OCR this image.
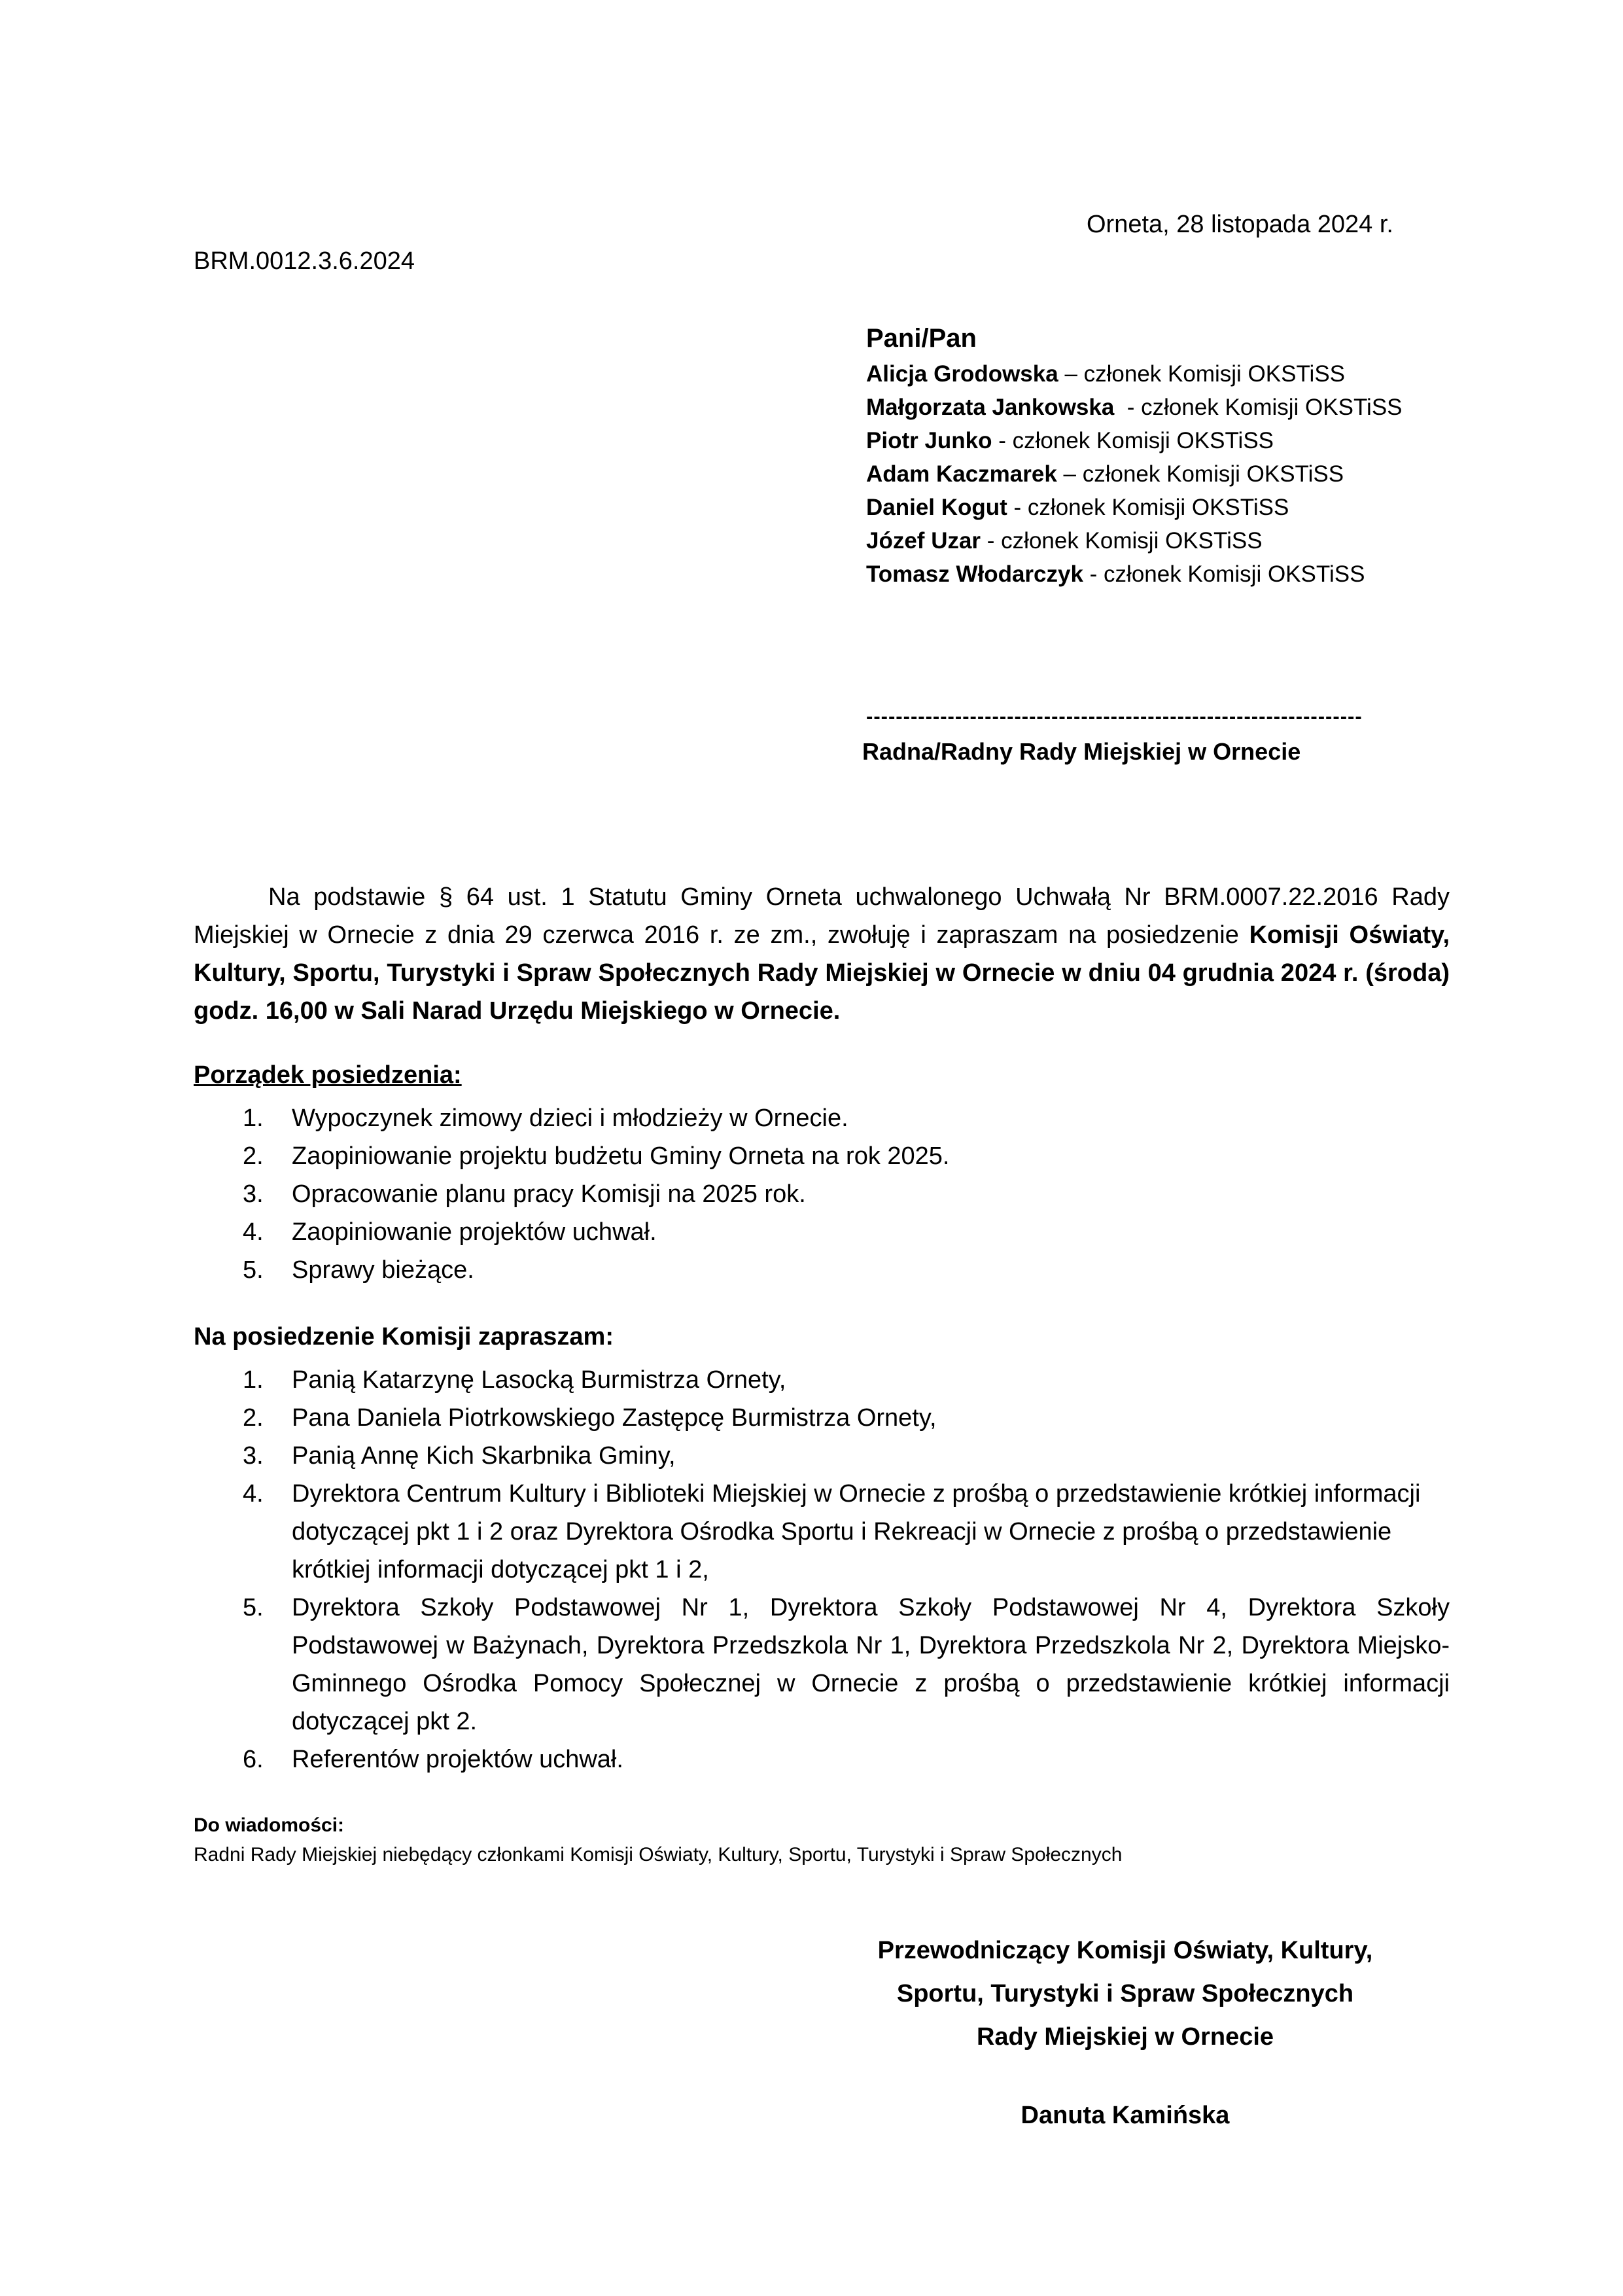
Orneta, 28 listopada 2024 r.
BRM.0012.3.6.2024
Pani/Pan
Alicja Grodowska – członek Komisji OKSTiSS
Małgorzata Jankowska  - członek Komisji OKSTiSS
Piotr Junko - członek Komisji OKSTiSS
Adam Kaczmarek – członek Komisji OKSTiSS
Daniel Kogut - członek Komisji OKSTiSS
Józef Uzar - członek Komisji OKSTiSS
Tomasz Włodarczyk - członek Komisji OKSTiSS
-------------------------------------------------------------------
Radna/Radny Rady Miejskiej w Ornecie

Na podstawie § 64 ust. 1 Statutu Gminy Orneta uchwalonego Uchwałą Nr BRM.0007.22.2016 Rady Miejskiej w Ornecie z dnia 29 czerwca 2016 r. ze zm., zwołuję i zapraszam na posiedzenie Komisji Oświaty, Kultury, Sportu, Turystyki i Spraw Społecznych Rady Miejskiej w Ornecie w dniu 04 grudnia 2024 r. (środa) godz. 16,00 w Sali Narad Urzędu Miejskiego w Ornecie.

Porządek posiedzenia:
1. Wypoczynek zimowy dzieci i młodzieży w Ornecie.
2. Zaopiniowanie projektu budżetu Gminy Orneta na rok 2025.
3. Opracowanie planu pracy Komisji na 2025 rok.
4. Zaopiniowanie projektów uchwał.
5. Sprawy bieżące.
Na posiedzenie Komisji zapraszam:
1. Panią Katarzynę Lasocką Burmistrza Ornety,
2. Pana Daniela Piotrkowskiego Zastępcę Burmistrza Ornety,
3. Panią Annę Kich Skarbnika Gminy,
4. Dyrektora Centrum Kultury i Biblioteki Miejskiej w Ornecie z prośbą o przedstawienie krótkiej informacji dotyczącej pkt 1 i 2 oraz Dyrektora Ośrodka Sportu i Rekreacji w Ornecie z prośbą o przedstawienie krótkiej informacji dotyczącej pkt 1 i 2,
5. Dyrektora Szkoły Podstawowej Nr 1, Dyrektora Szkoły Podstawowej Nr 4, Dyrektora Szkoły Podstawowej w Bażynach, Dyrektora Przedszkola Nr 1, Dyrektora Przedszkola Nr 2, Dyrektora Miejsko-Gminnego Ośrodka Pomocy Społecznej w Ornecie z prośbą o przedstawienie krótkiej informacji dotyczącej pkt 2.
6. Referentów projektów uchwał.
Do wiadomości:
Radni Rady Miejskiej niebędący członkami Komisji Oświaty, Kultury, Sportu, Turystyki i Spraw Społecznych
Przewodniczący Komisji Oświaty, Kultury,
Sportu, Turystyki i Spraw Społecznych
Rady Miejskiej w Ornecie
Danuta Kamińska
